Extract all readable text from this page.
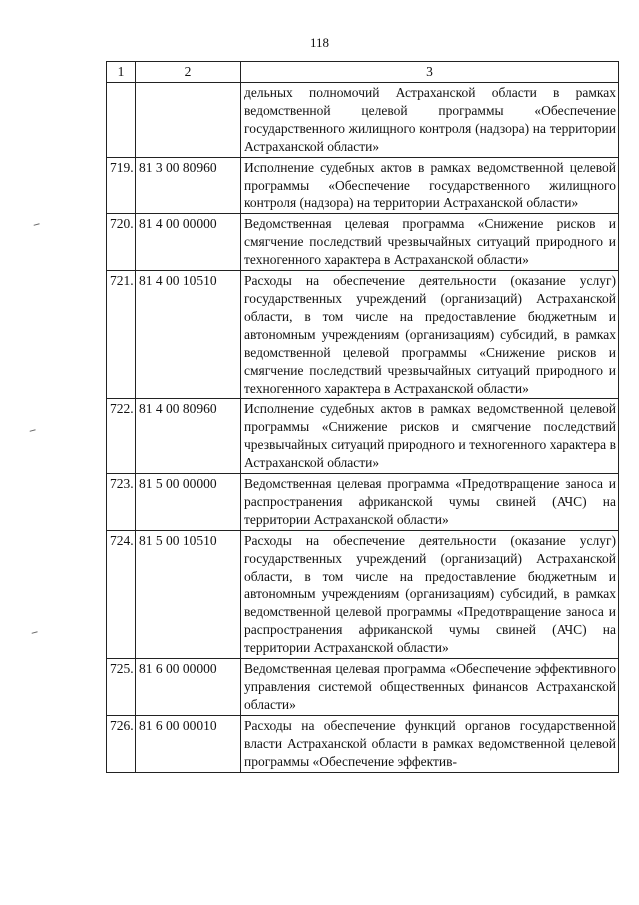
118
1	2	3
		дельных полномочий Астраханской области в рамках ведомственной целевой программы «Обеспечение государственного жилищного контроля (надзора) на территории Астраханской области»
719.	81 3 00 80960	Исполнение судебных актов в рамках ведомственной целевой программы «Обеспечение государственного жилищного контроля (надзора) на территории Астраханской области»
720.	81 4 00 00000	Ведомственная целевая программа «Снижение рисков и смягчение последствий чрезвычайных ситуаций природного и техногенного характера в Астраханской области»
721.	81 4 00 10510	Расходы на обеспечение деятельности (оказание услуг) государственных учреждений (организаций) Астраханской области, в том числе на предоставление бюджетным и автономным учреждениям (организациям) субсидий, в рамках ведомственной целевой программы «Снижение рисков и смягчение последствий чрезвычайных ситуаций природного и техногенного характера в Астраханской области»
722.	81 4 00 80960	Исполнение судебных актов в рамках ведомственной целевой программы «Снижение рисков и смягчение последствий чрезвычайных ситуаций природного и техногенного характера в Астраханской области»
723.	81 5 00 00000	Ведомственная целевая программа «Предотвращение заноса и распространения африканской чумы свиней (АЧС) на территории Астраханской области»
724.	81 5 00 10510	Расходы на обеспечение деятельности (оказание услуг) государственных учреждений (организаций) Астраханской области, в том числе на предоставление бюджетным и автономным учреждениям (организациям) субсидий, в рамках ведомственной целевой программы «Предотвращение заноса и распространения африканской чумы свиней (АЧС) на территории Астраханской области»
725.	81 6 00 00000	Ведомственная целевая программа «Обеспечение эффективного управления системой общественных финансов Астраханской области»
726.	81 6 00 00010	Расходы на обеспечение функций органов государственной власти Астраханской области в рамках ведомственной целевой программы «Обеспечение эффектив-
